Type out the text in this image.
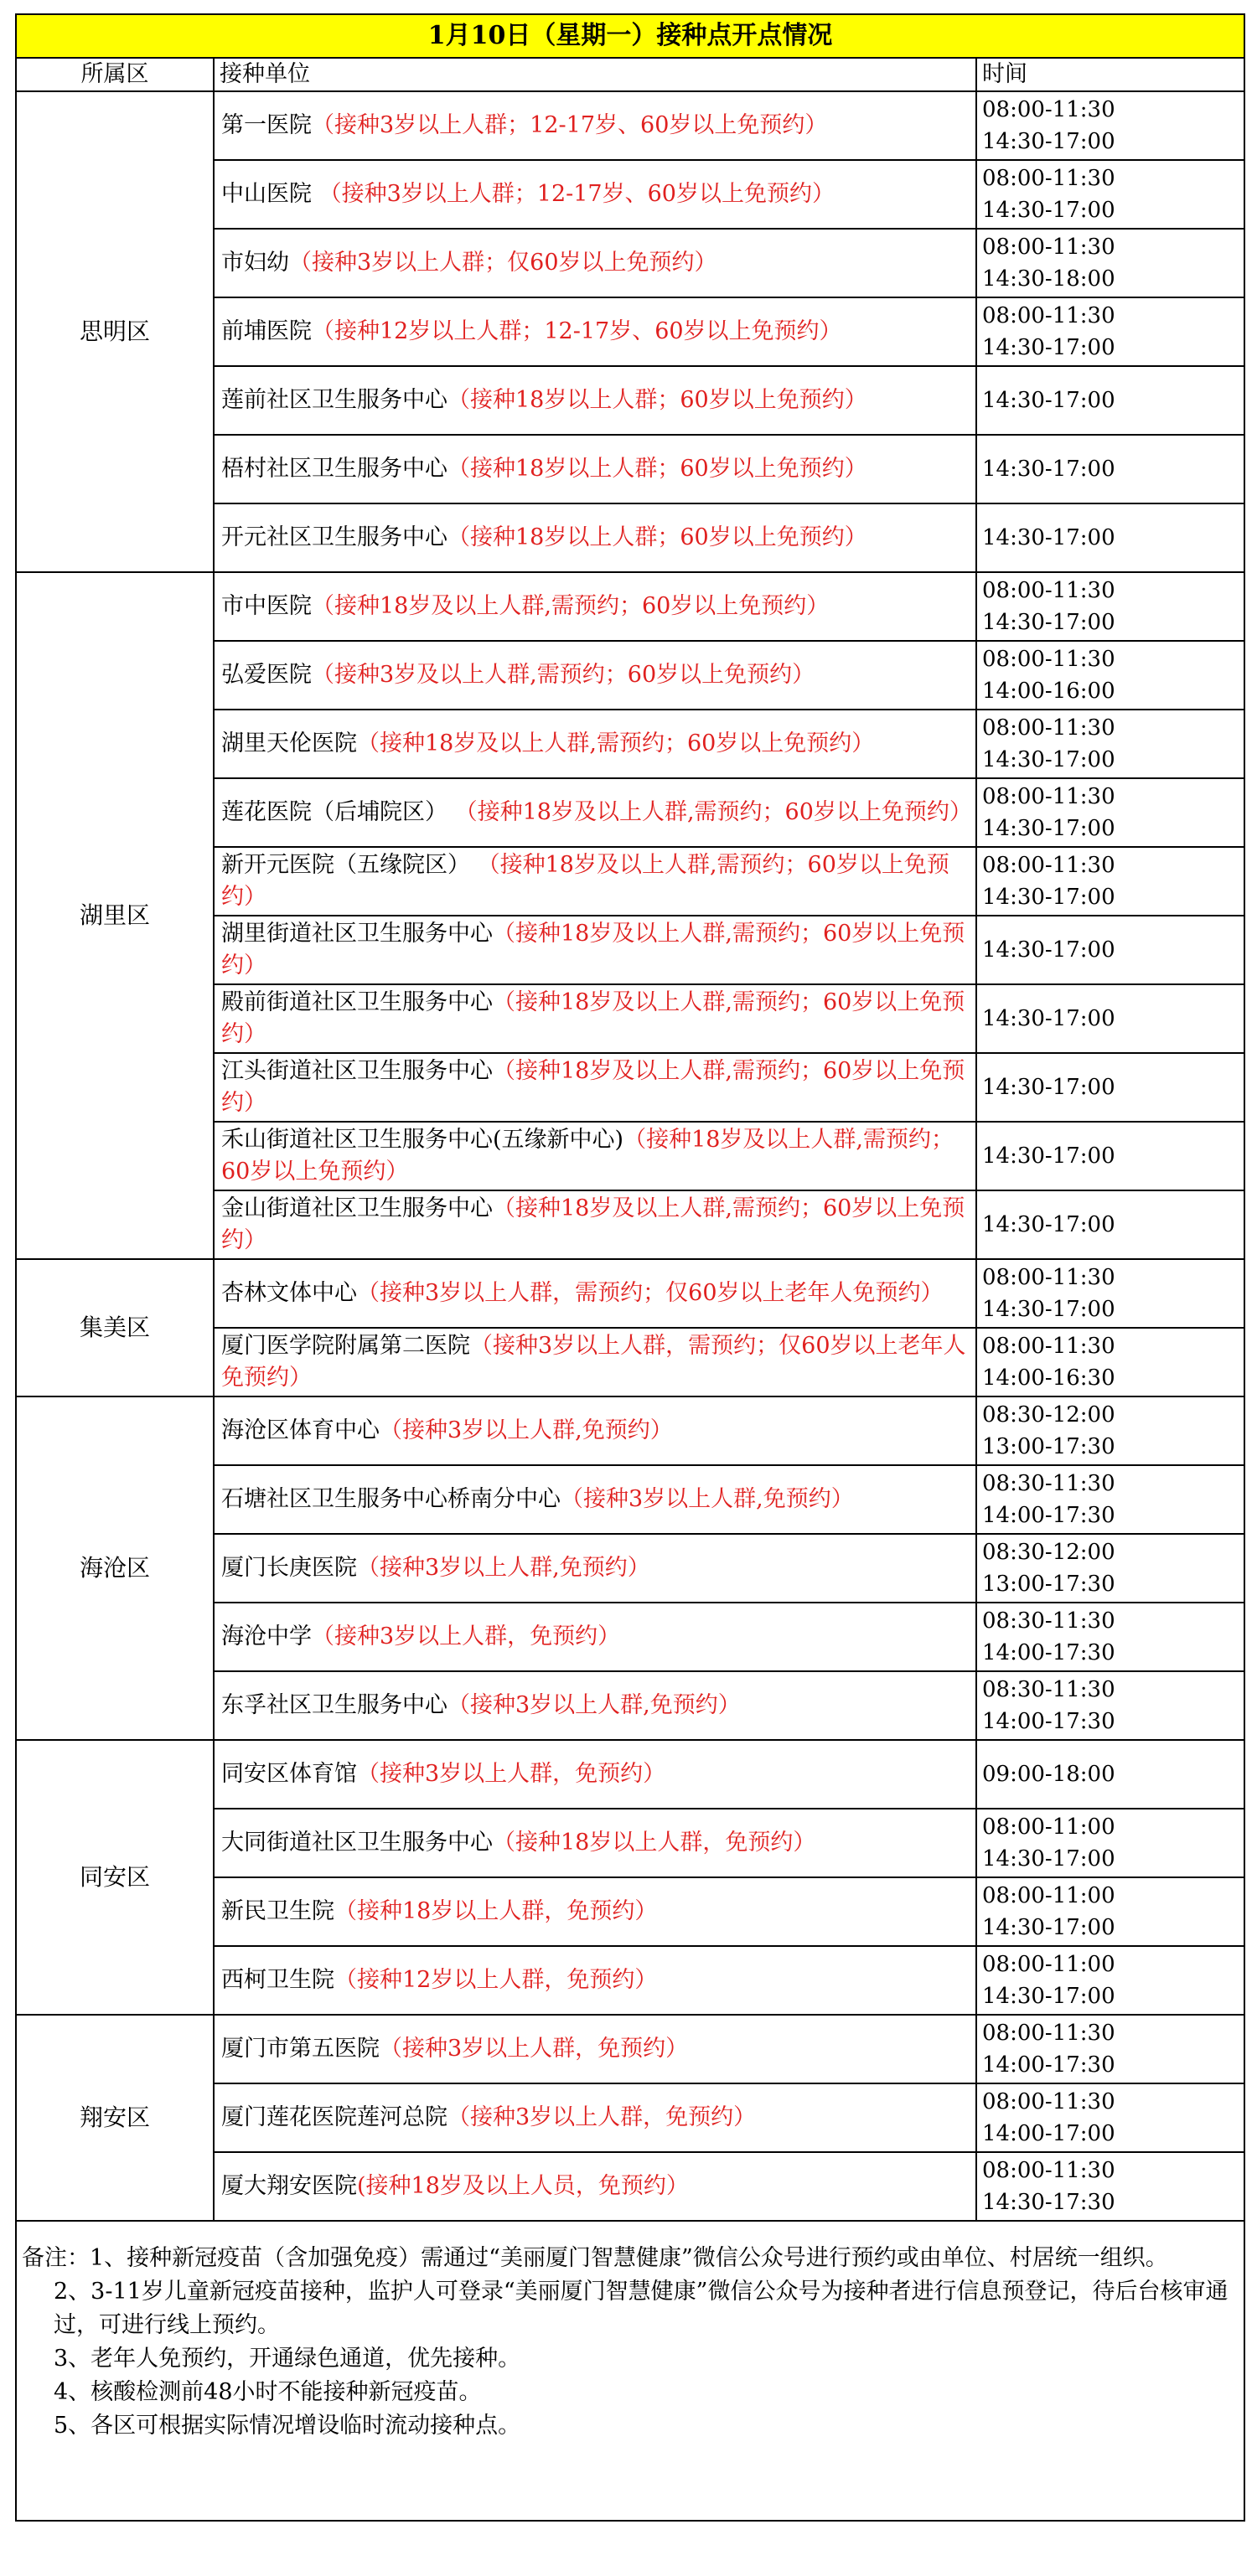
1月10日（星期一）接种点开点情况		
所属区	接种单位	时间
思明区	第一医院（接种3岁以上人群；12-17岁、60岁以上免预约）	08:00-11:30
14:30-17:00
	中山医院 （接种3岁以上人群；12-17岁、60岁以上免预约）	08:00-11:30
14:30-17:00
	市妇幼（接种3岁以上人群；仅60岁以上免预约）	08:00-11:30
14:30-18:00
	前埔医院（接种12岁以上人群；12-17岁、60岁以上免预约）	08:00-11:30
14:30-17:00
	莲前社区卫生服务中心（接种18岁以上人群；60岁以上免预约）	14:30-17:00
	梧村社区卫生服务中心（接种18岁以上人群；60岁以上免预约）	14:30-17:00
	开元社区卫生服务中心（接种18岁以上人群；60岁以上免预约）	14:30-17:00
湖里区	市中医院（接种18岁及以上人群,需预约；60岁以上免预约）	08:00-11:30
14:30-17:00
	弘爱医院（接种3岁及以上人群,需预约；60岁以上免预约）	08:00-11:30
14:00-16:00
	湖里天伦医院（接种18岁及以上人群,需预约；60岁以上免预约）	08:00-11:30
14:30-17:00
	莲花医院（后埔院区） （接种18岁及以上人群,需预约；60岁以上免预约）	08:00-11:30
14:30-17:00
	新开元医院（五缘院区） （接种18岁及以上人群,需预约；60岁以上免预约）	08:00-11:30
14:30-17:00
	湖里街道社区卫生服务中心（接种18岁及以上人群,需预约；60岁以上免预约）	14:30-17:00
	殿前街道社区卫生服务中心（接种18岁及以上人群,需预约；60岁以上免预约）	14:30-17:00
	江头街道社区卫生服务中心（接种18岁及以上人群,需预约；60岁以上免预约）	14:30-17:00
	禾山街道社区卫生服务中心(五缘新中心)（接种18岁及以上人群,需预约；60岁以上免预约）	14:30-17:00
	金山街道社区卫生服务中心（接种18岁及以上人群,需预约；60岁以上免预约）	14:30-17:00
集美区	杏林文体中心（接种3岁以上人群，需预约；仅60岁以上老年人免预约）	08:00-11:30
14:30-17:00
	厦门医学院附属第二医院（接种3岁以上人群，需预约；仅60岁以上老年人免预约）	08:00-11:30
14:00-16:30
海沧区	海沧区体育中心（接种3岁以上人群,免预约）	08:30-12:00
13:00-17:30
	石塘社区卫生服务中心桥南分中心（接种3岁以上人群,免预约）	08:30-11:30
14:00-17:30
	厦门长庚医院（接种3岁以上人群,免预约）	08:30-12:00
13:00-17:30
	海沧中学（接种3岁以上人群，免预约）	08:30-11:30
14:00-17:30
	东孚社区卫生服务中心（接种3岁以上人群,免预约）	08:30-11:30
14:00-17:30
同安区	同安区体育馆（接种3岁以上人群，免预约）	09:00-18:00
	大同街道社区卫生服务中心（接种18岁以上人群，免预约）	08:00-11:00
14:30-17:00
	新民卫生院（接种18岁以上人群，免预约）	08:00-11:00
14:30-17:00
	西柯卫生院（接种12岁以上人群，免预约）	08:00-11:00
14:30-17:00
翔安区	厦门市第五医院（接种3岁以上人群，免预约）	08:00-11:30
14:00-17:30
	厦门莲花医院莲河总院（接种3岁以上人群，免预约）	08:00-11:30
14:00-17:00
	厦大翔安医院(接种18岁及以上人员，免预约）	08:00-11:30
14:30-17:30

备注：1、接种新冠疫苗（含加强免疫）需通过“美丽厦门智慧健康”微信公众号进行预约或由单位、村居统一组织。
2、3-11岁儿童新冠疫苗接种，监护人可登录“美丽厦门智慧健康”微信公众号为接种者进行信息预登记，待后台核审通过，可进行线上预约。
3、老年人免预约，开通绿色通道，优先接种。
4、核酸检测前48小时不能接种新冠疫苗。
5、各区可根据实际情况增设临时流动接种点。		
